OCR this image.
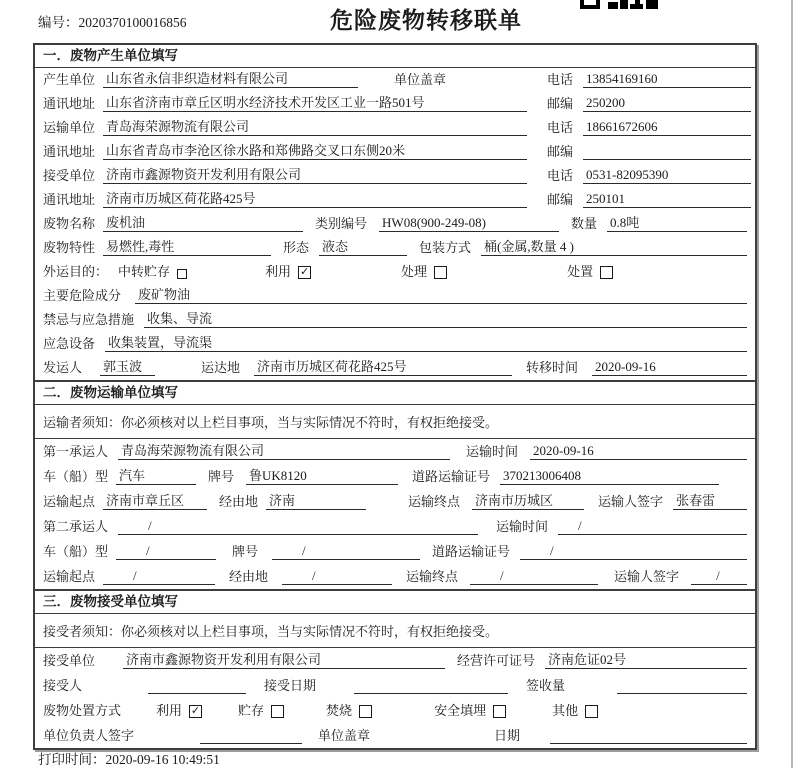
编号：2020370100016856	危险废物转移联单
一．废物产生单位填写
产生单位 山东省永信非织造材料有限公司	单位盖章	电话 13854169160
通讯地址 山东省济南市章丘区明水经济技术开发区工业一路501号	邮编 250200
运输单位 青岛海荣源物流有限公司	电话 18661672606
通讯地址 山东省青岛市李沧区徐水路和郑佛路交叉口东侧20米	邮编
接受单位 济南市鑫源物资开发利用有限公司	电话 0531-82095390
通讯地址 济南市历城区荷花路425号	邮编 250101
废物名称 废机油	类别编号 HW08(900-249-08)	数量 0.8吨
废物特性 易燃性,毒性	形态 液态	包装方式 桶(金属,数量 4 )
外运目的： 中转贮存	利用 ✓	处理	处置
主要危险成分 废矿物油
禁忌与应急措施 收集、导流
应急设备 收集装置，导流渠
发运人 郭玉波	运达地 济南市历城区荷花路425号	转移时间 2020-09-16
二．废物运输单位填写
运输者须知：你必须核对以上栏目事项，当与实际情况不符时，有权拒绝接受。
第一承运人 青岛海荣源物流有限公司	运输时间 2020-09-16
车（船）型 汽车	牌号 鲁UK8120	道路运输证号 370213006408
运输起点 济南市章丘区	经由地 济南	运输终点 济南市历城区	运输人签字 张春雷
第二承运人	/	运输时间	/
车（船）型	/	牌号	/	道路运输证号	/
运输起点	/	经由地	/	运输终点	/	运输人签字	/
三．废物接受单位填写
接受者须知：你必须核对以上栏目事项，当与实际情况不符时，有权拒绝接受。
接受单位 济南市鑫源物资开发利用有限公司	经营许可证号 济南危证02号
接受人	接受日期	签收量
废物处置方式	利用 ✓	贮存	焚烧	安全填埋	其他
单位负责人签字	单位盖章	日期
打印时间：2020-09-16 10:49:51
